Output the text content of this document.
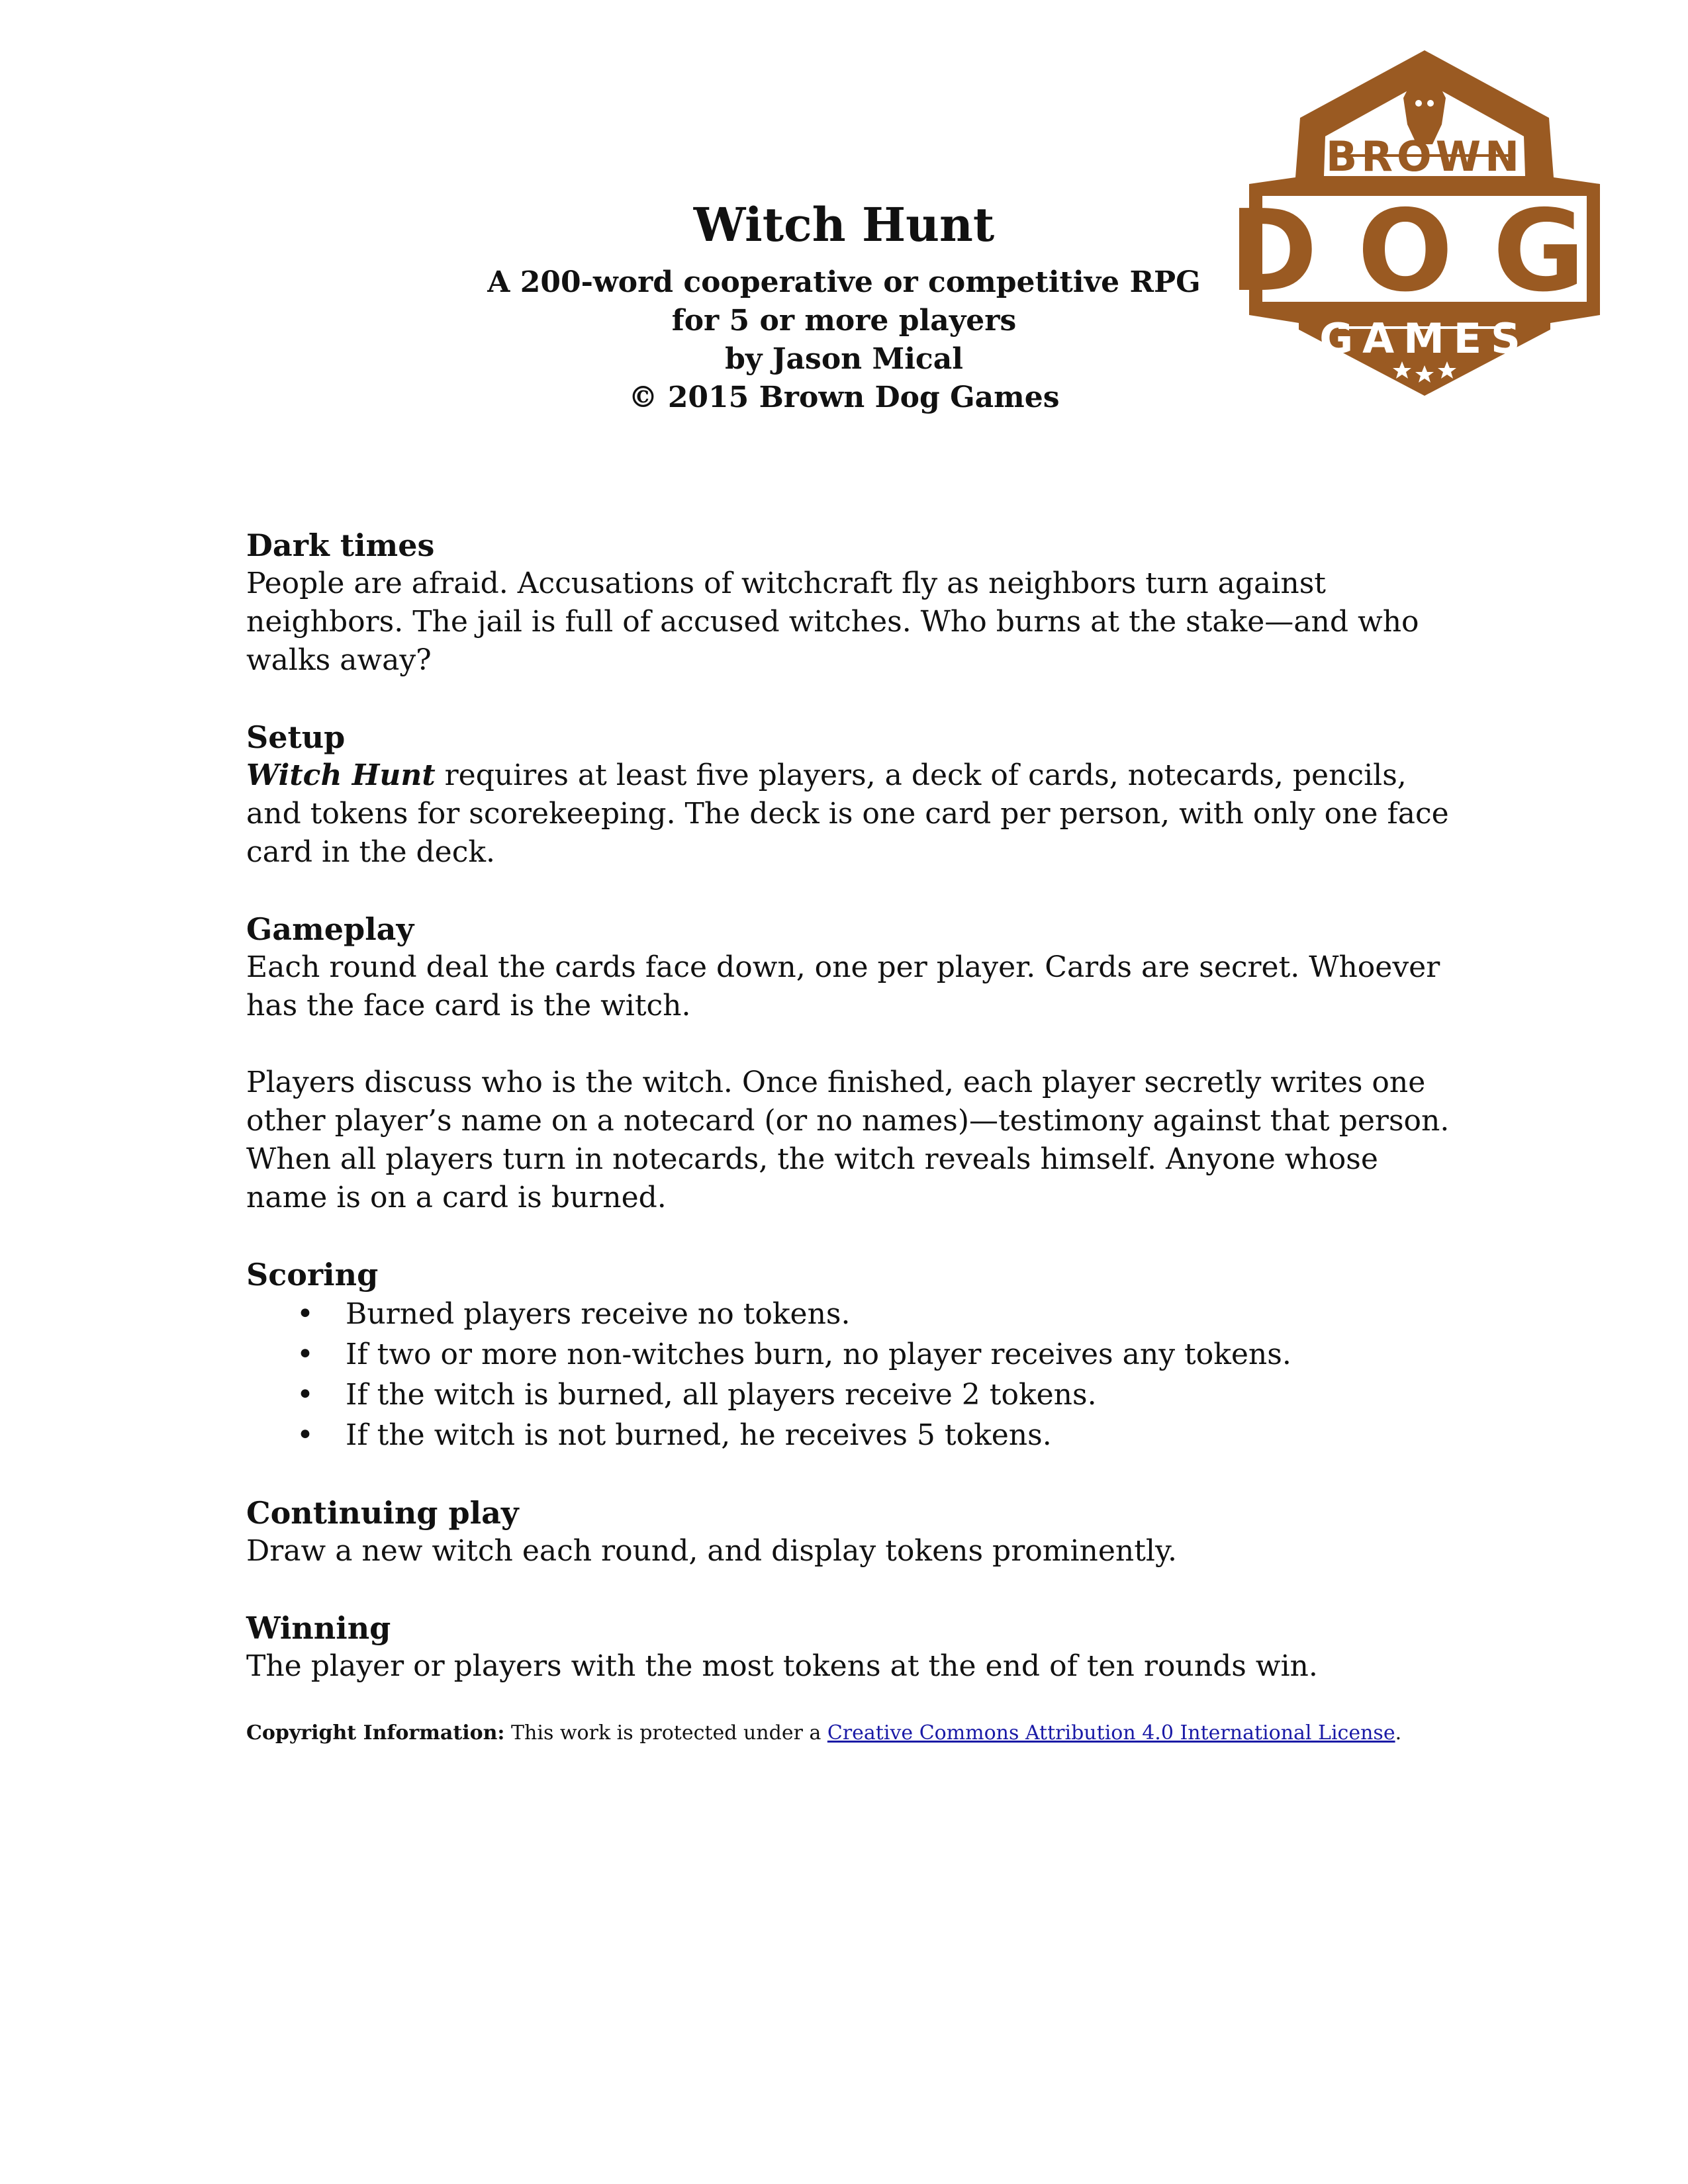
BROWN
DOG
GAMES
Witch Hunt
A 200-word cooperative or competitive RPG
for 5 or more players
by Jason Mical
© 2015 Brown Dog Games
Dark times

People are afraid. Accusations of witchcraft fly as neighbors turn against neighbors. The jail is full of accused witches. Who burns at the stake—and who walks away?

Setup

Witch Hunt requires at least five players, a deck of cards, notecards, pencils, and tokens for scorekeeping. The deck is one card per person, with only one face card in the deck.

Gameplay

Each round deal the cards face down, one per player. Cards are secret. Whoever has the face card is the witch.

Players discuss who is the witch. Once finished, each player secretly writes one other player’s name on a notecard (or no names)—testimony against that person. When all players turn in notecards, the witch reveals himself. Anyone whose name is on a card is burned.

Scoring
• Burned players receive no tokens.
• If two or more non-witches burn, no player receives any tokens.
• If the witch is burned, all players receive 2 tokens.
• If the witch is not burned, he receives 5 tokens.
Continuing play

Draw a new witch each round, and display tokens prominently.

Winning

The player or players with the most tokens at the end of ten rounds win.

Copyright Information: This work is protected under a Creative Commons Attribution 4.0 International License.
